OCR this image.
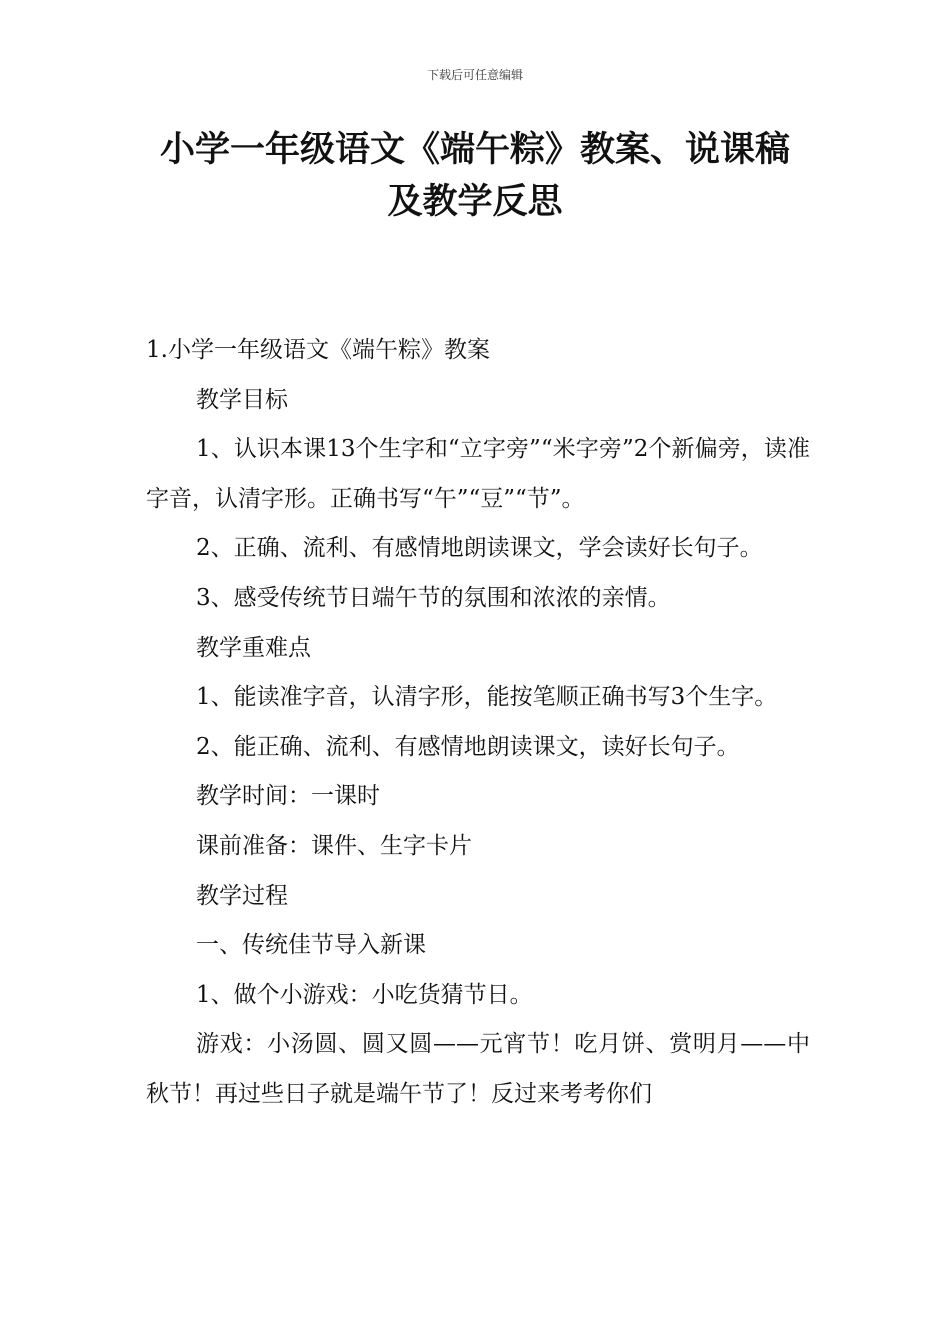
下载后可任意编辑
小学一年级语文《端午粽》教案、说课稿
及教学反思

1.小学一年级语文《端午粽》教案

教学目标

1、认识本课13个生字和“立字旁”“米字旁”2个新偏旁，读准字音，认清字形。正确书写“午”“豆”“节”。

2、正确、流利、有感情地朗读课文，学会读好长句子。

3、感受传统节日端午节的氛围和浓浓的亲情。

教学重难点

1、能读准字音，认清字形，能按笔顺正确书写3个生字。

2、能正确、流利、有感情地朗读课文，读好长句子。

教学时间：一课时

课前准备：课件、生字卡片

教学过程

一、传统佳节导入新课

1、做个小游戏：小吃货猜节日。

游戏：小汤圆、圆又圆——元宵节！吃月饼、赏明月——中秋节！再过些日子就是端午节了！反过来考考你们
